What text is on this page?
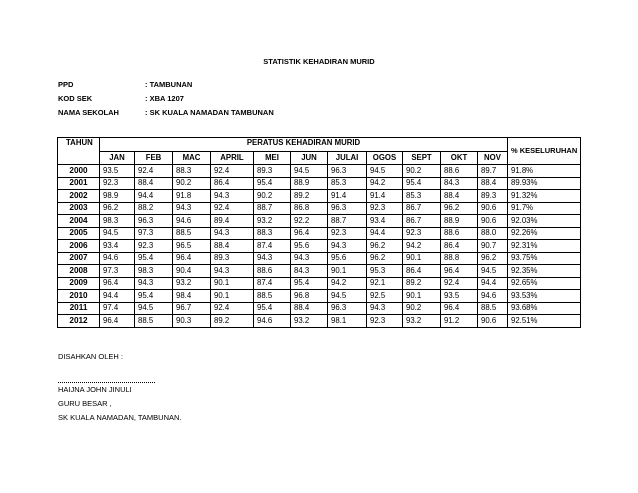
STATISTIK KEHADIRAN MURID
PPD	: TAMBUNAN
KOD SEK	: XBA 1207
NAMA SEKOLAH	: SK KUALA NAMADAN TAMBUNAN
TAHUN	PERATUS KEHADIRAN MURID											% KESELURUHAN
	JAN	FEB	MAC	APRIL	MEI	JUN	JULAI	OGOS	SEPT	OKT	NOV	
2000	93.5	92.4	88.3	92.4	89.3	94.5	96.3	94.5	90.2	88.6	89.7	91.8%
2001	92.3	88.4	90.2	86.4	95.4	88.9	85.3	94.2	95.4	84.3	88.4	89.93%
2002	98.9	94.4	91.8	94.3	90.2	89.2	91.4	91.4	85.3	88.4	89.3	91.32%
2003	96.2	88.2	94.3	92.4	88.7	86.8	96.3	92.3	86.7	96.2	90.6	91.7%
2004	98.3	96.3	94.6	89.4	93.2	92.2	88.7	93.4	86.7	88.9	90.6	92.03%
2005	94.5	97.3	88.5	94.3	88.3	96.4	92.3	94.4	92.3	88.6	88.0	92.26%
2006	93.4	92.3	96.5	88.4	87.4	95.6	94.3	96.2	94.2	86.4	90.7	92.31%
2007	94.6	95.4	96.4	89.3	94.3	94.3	95.6	96.2	90.1	88.8	96.2	93.75%
2008	97.3	98.3	90.4	94.3	88.6	84.3	90.1	95.3	86.4	96.4	94.5	92.35%
2009	96.4	94.3	93.2	90.1	87.4	95.4	94.2	92.1	89.2	92.4	94.4	92.65%
2010	94.4	95.4	98.4	90.1	88.5	96.8	94.5	92.5	90.1	93.5	94.6	93.53%
2011	97.4	94.5	96.7	92.4	95.4	88.4	96.3	94.3	90.2	96.4	88.5	93.68%
2012	96.4	88.5	90.3	89.2	94.6	93.2	98.1	92.3	93.2	91.2	90.6	92.51%
DISAHKAN OLEH :
HAIJNA JOHN JINULI
GURU BESAR ,
SK KUALA NAMADAN, TAMBUNAN.
